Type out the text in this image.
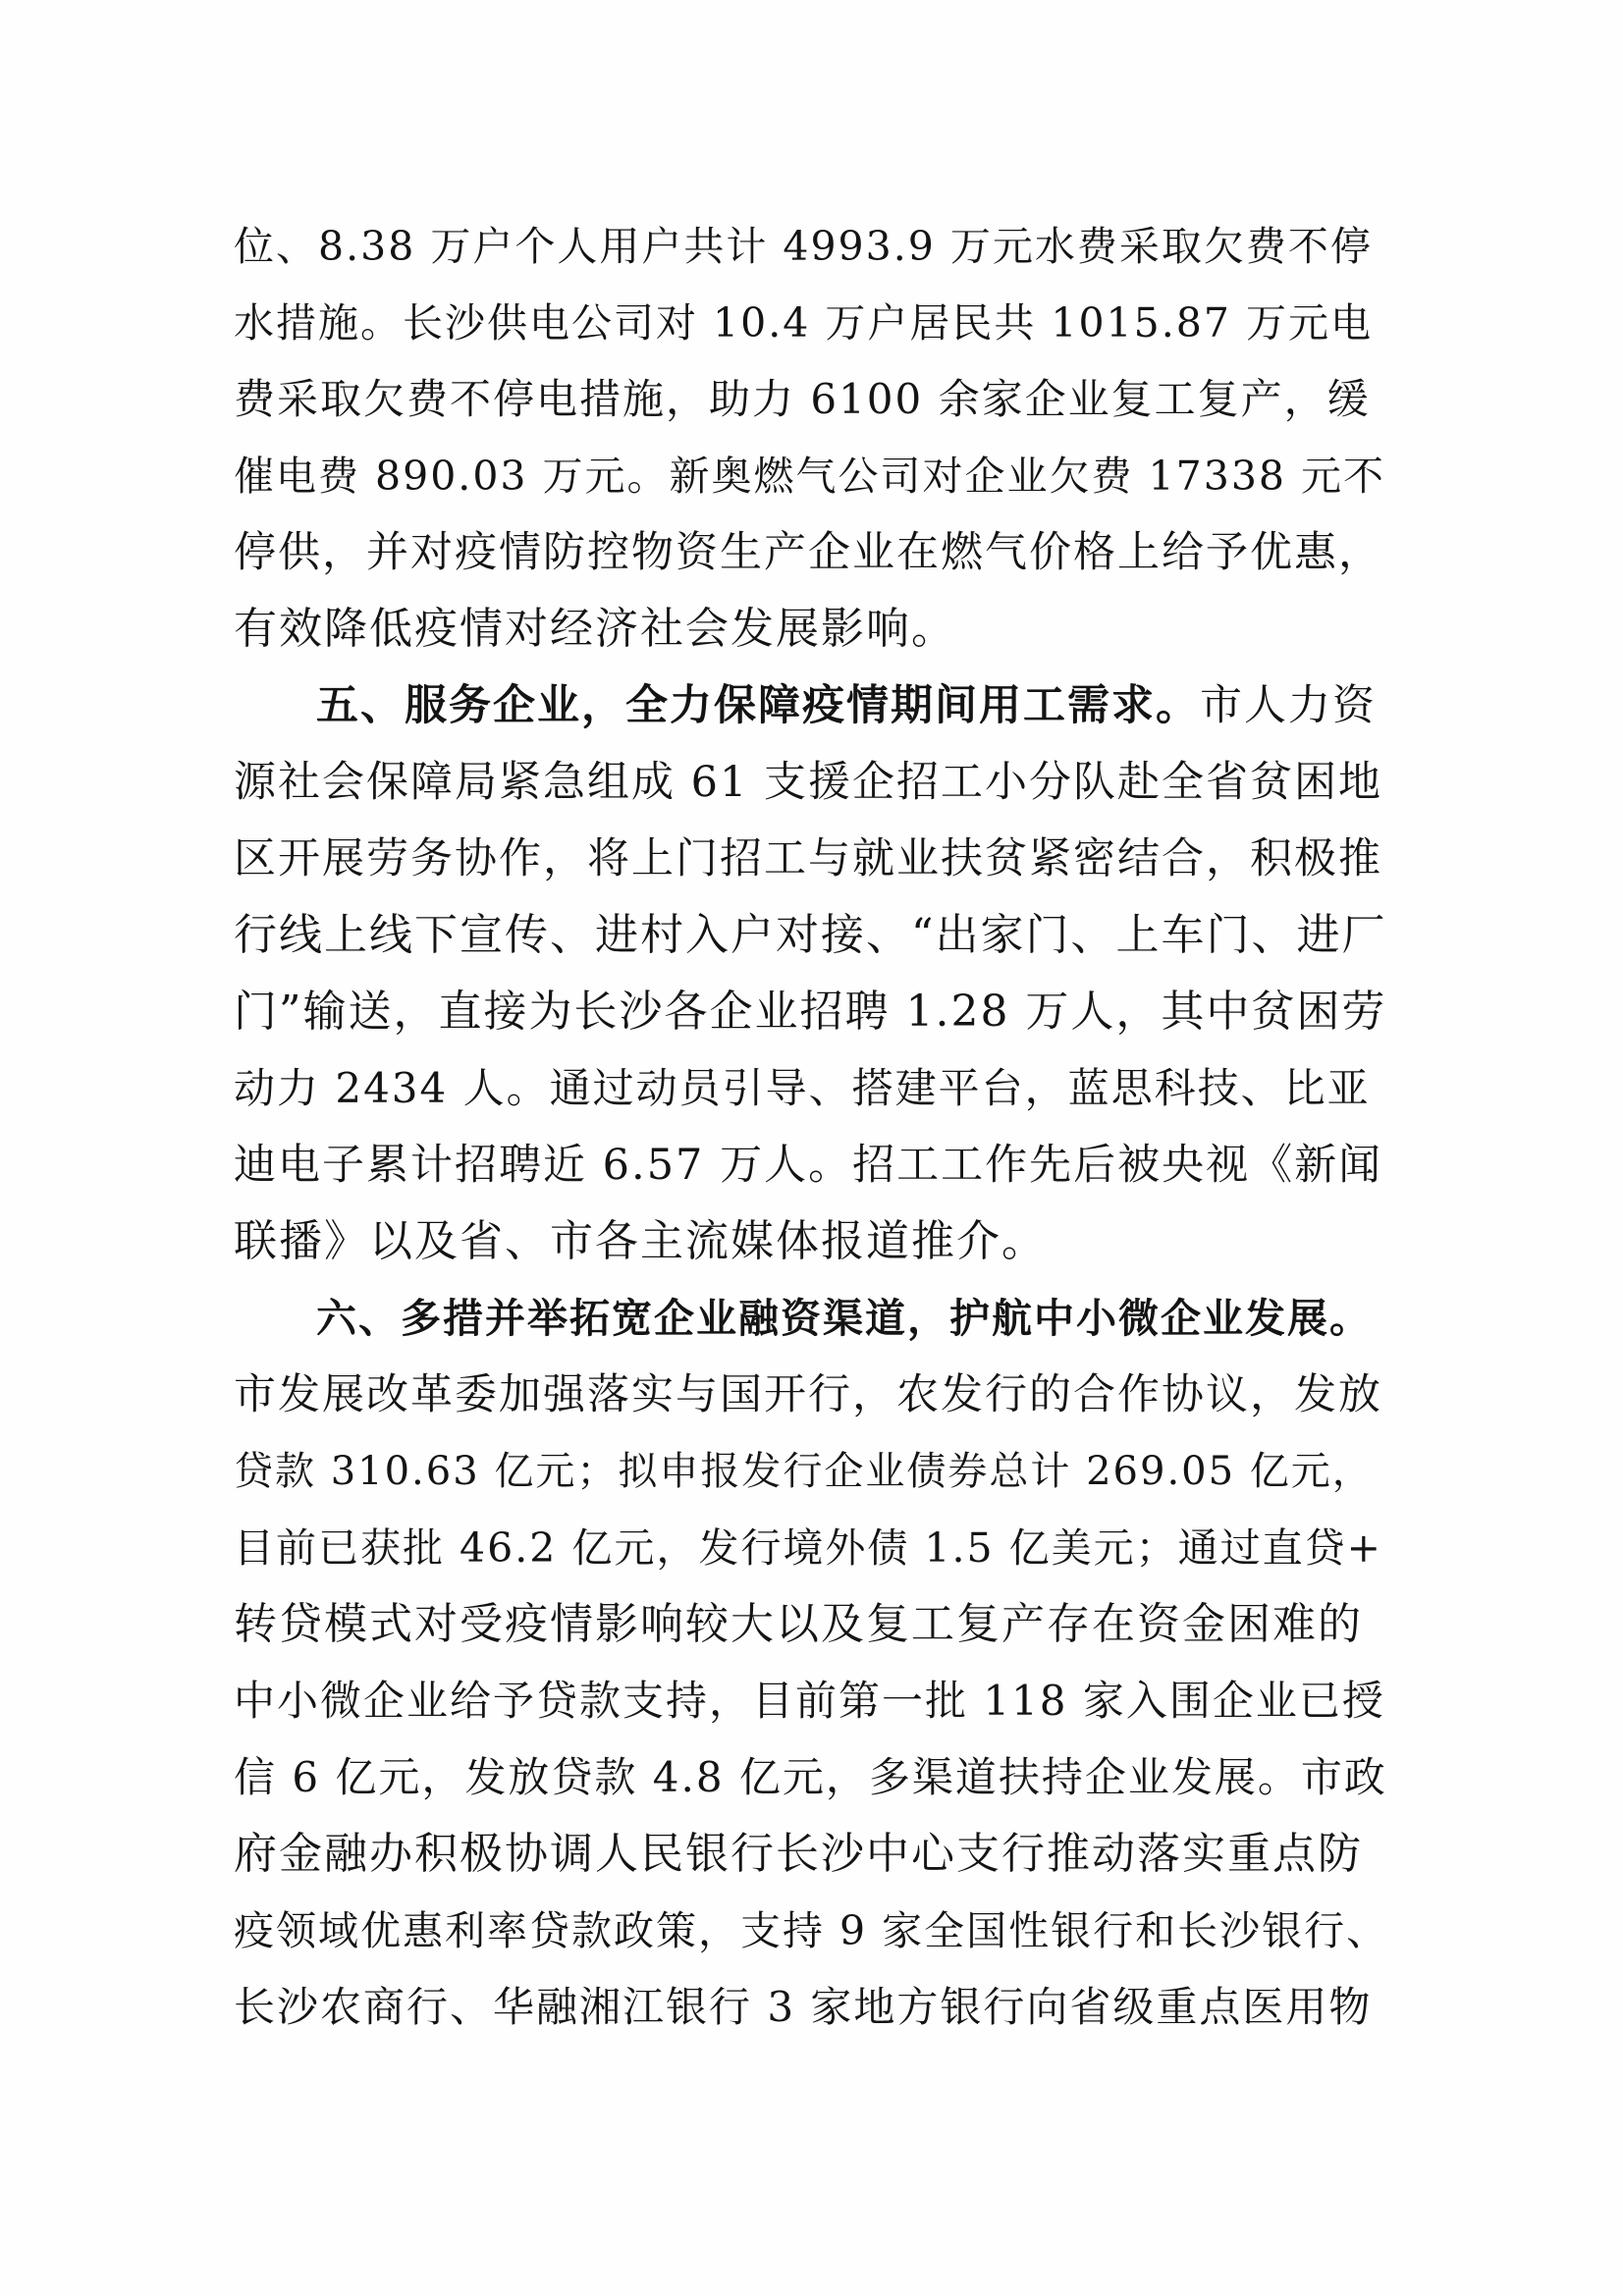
位、8.38 万户个人用户共计 4993.9 万元水费采取欠费不停
水措施。长沙供电公司对 10.4 万户居民共 1015.87 万元电
费采取欠费不停电措施，助力 6100 余家企业复工复产，缓
催电费 890.03 万元。新奥燃气公司对企业欠费 17338 元不
停供，并对疫情防控物资生产企业在燃气价格上给予优惠，
有效降低疫情对经济社会发展影响。
五、服务企业，全力保障疫情期间用工需求。市人力资
源社会保障局紧急组成 61 支援企招工小分队赴全省贫困地
区开展劳务协作，将上门招工与就业扶贫紧密结合，积极推
行线上线下宣传、进村入户对接、“出家门、上车门、进厂
门”输送，直接为长沙各企业招聘 1.28 万人，其中贫困劳
动力 2434 人。通过动员引导、搭建平台，蓝思科技、比亚
迪电子累计招聘近 6.57 万人。招工工作先后被央视《新闻
联播》以及省、市各主流媒体报道推介。
六、多措并举拓宽企业融资渠道，护航中小微企业发展。
市发展改革委加强落实与国开行，农发行的合作协议，发放
贷款 310.63 亿元；拟申报发行企业债券总计 269.05 亿元，
目前已获批 46.2 亿元，发行境外债 1.5 亿美元；通过直贷+
转贷模式对受疫情影响较大以及复工复产存在资金困难的
中小微企业给予贷款支持，目前第一批 118 家入围企业已授
信 6 亿元，发放贷款 4.8 亿元，多渠道扶持企业发展。市政
府金融办积极协调人民银行长沙中心支行推动落实重点防
疫领域优惠利率贷款政策，支持 9 家全国性银行和长沙银行、
长沙农商行、华融湘江银行 3 家地方银行向省级重点医用物
